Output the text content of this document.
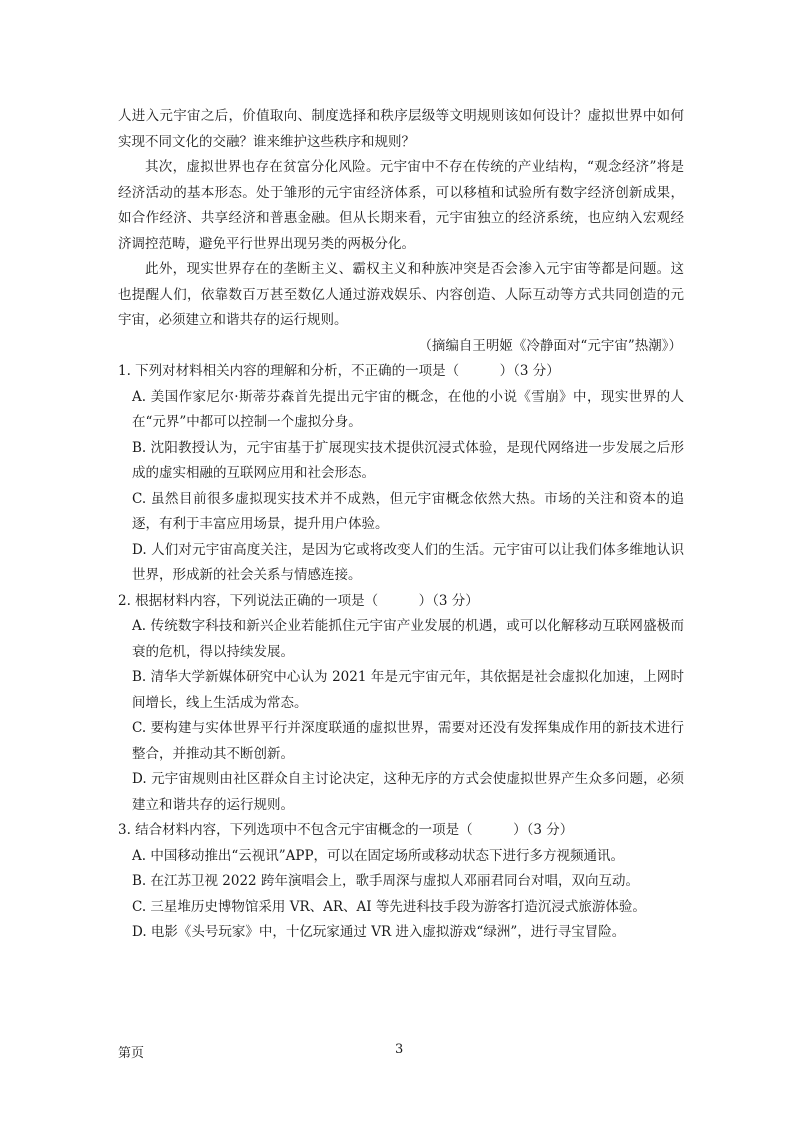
人进入元宇宙之后，价值取向、制度选择和秩序层级等文明规则该如何设计？虚拟世界中如何实现不同文化的交融？谁来维护这些秩序和规则？

其次，虚拟世界也存在贫富分化风险。元宇宙中不存在传统的产业结构，“观念经济”将是经济活动的基本形态。处于雏形的元宇宙经济体系，可以移植和试验所有数字经济创新成果，如合作经济、共享经济和普惠金融。但从长期来看，元宇宙独立的经济系统，也应纳入宏观经济调控范畴，避免平行世界出现另类的两极分化。

此外，现实世界存在的垄断主义、霸权主义和种族冲突是否会渗入元宇宙等都是问题。这也提醒人们，依靠数百万甚至数亿人通过游戏娱乐、内容创造、人际互动等方式共同创造的元宇宙，必须建立和谐共存的运行规则。

（摘编自王明姬《冷静面对“元宇宙”热潮》）

1. 下列对材料相关内容的理解和分析，不正确的一项是（　　　）（3 分）

A. 美国作家尼尔·斯蒂芬森首先提出元宇宙的概念，在他的小说《雪崩》中，现实世界的人在“元界”中都可以控制一个虚拟分身。

B. 沈阳教授认为，元宇宙基于扩展现实技术提供沉浸式体验，是现代网络进一步发展之后形成的虚实相融的互联网应用和社会形态。

C. 虽然目前很多虚拟现实技术并不成熟，但元宇宙概念依然大热。市场的关注和资本的追逐，有利于丰富应用场景，提升用户体验。

D. 人们对元宇宙高度关注，是因为它或将改变人们的生活。元宇宙可以让我们体多维地认识世界，形成新的社会关系与情感连接。

2. 根据材料内容，下列说法正确的一项是（　　　）（3 分）

A. 传统数字科技和新兴企业若能抓住元宇宙产业发展的机遇，或可以化解移动互联网盛极而衰的危机，得以持续发展。

B. 清华大学新媒体研究中心认为 2021 年是元宇宙元年，其依据是社会虚拟化加速，上网时间增长，线上生活成为常态。

C. 要构建与实体世界平行并深度联通的虚拟世界，需要对还没有发挥集成作用的新技术进行整合，并推动其不断创新。

D. 元宇宙规则由社区群众自主讨论决定，这种无序的方式会使虚拟世界产生众多问题，必须建立和谐共存的运行规则。

3. 结合材料内容，下列选项中不包含元宇宙概念的一项是（　　　）（3 分）

A. 中国移动推出“云视讯”APP，可以在固定场所或移动状态下进行多方视频通讯。

B. 在江苏卫视 2022 跨年演唱会上，歌手周深与虚拟人邓丽君同台对唱，双向互动。

C. 三星堆历史博物馆采用 VR、AR、AI 等先进科技手段为游客打造沉浸式旅游体验。

D. 电影《头号玩家》中，十亿玩家通过 VR 进入虚拟游戏“绿洲”，进行寻宝冒险。

第页	3
